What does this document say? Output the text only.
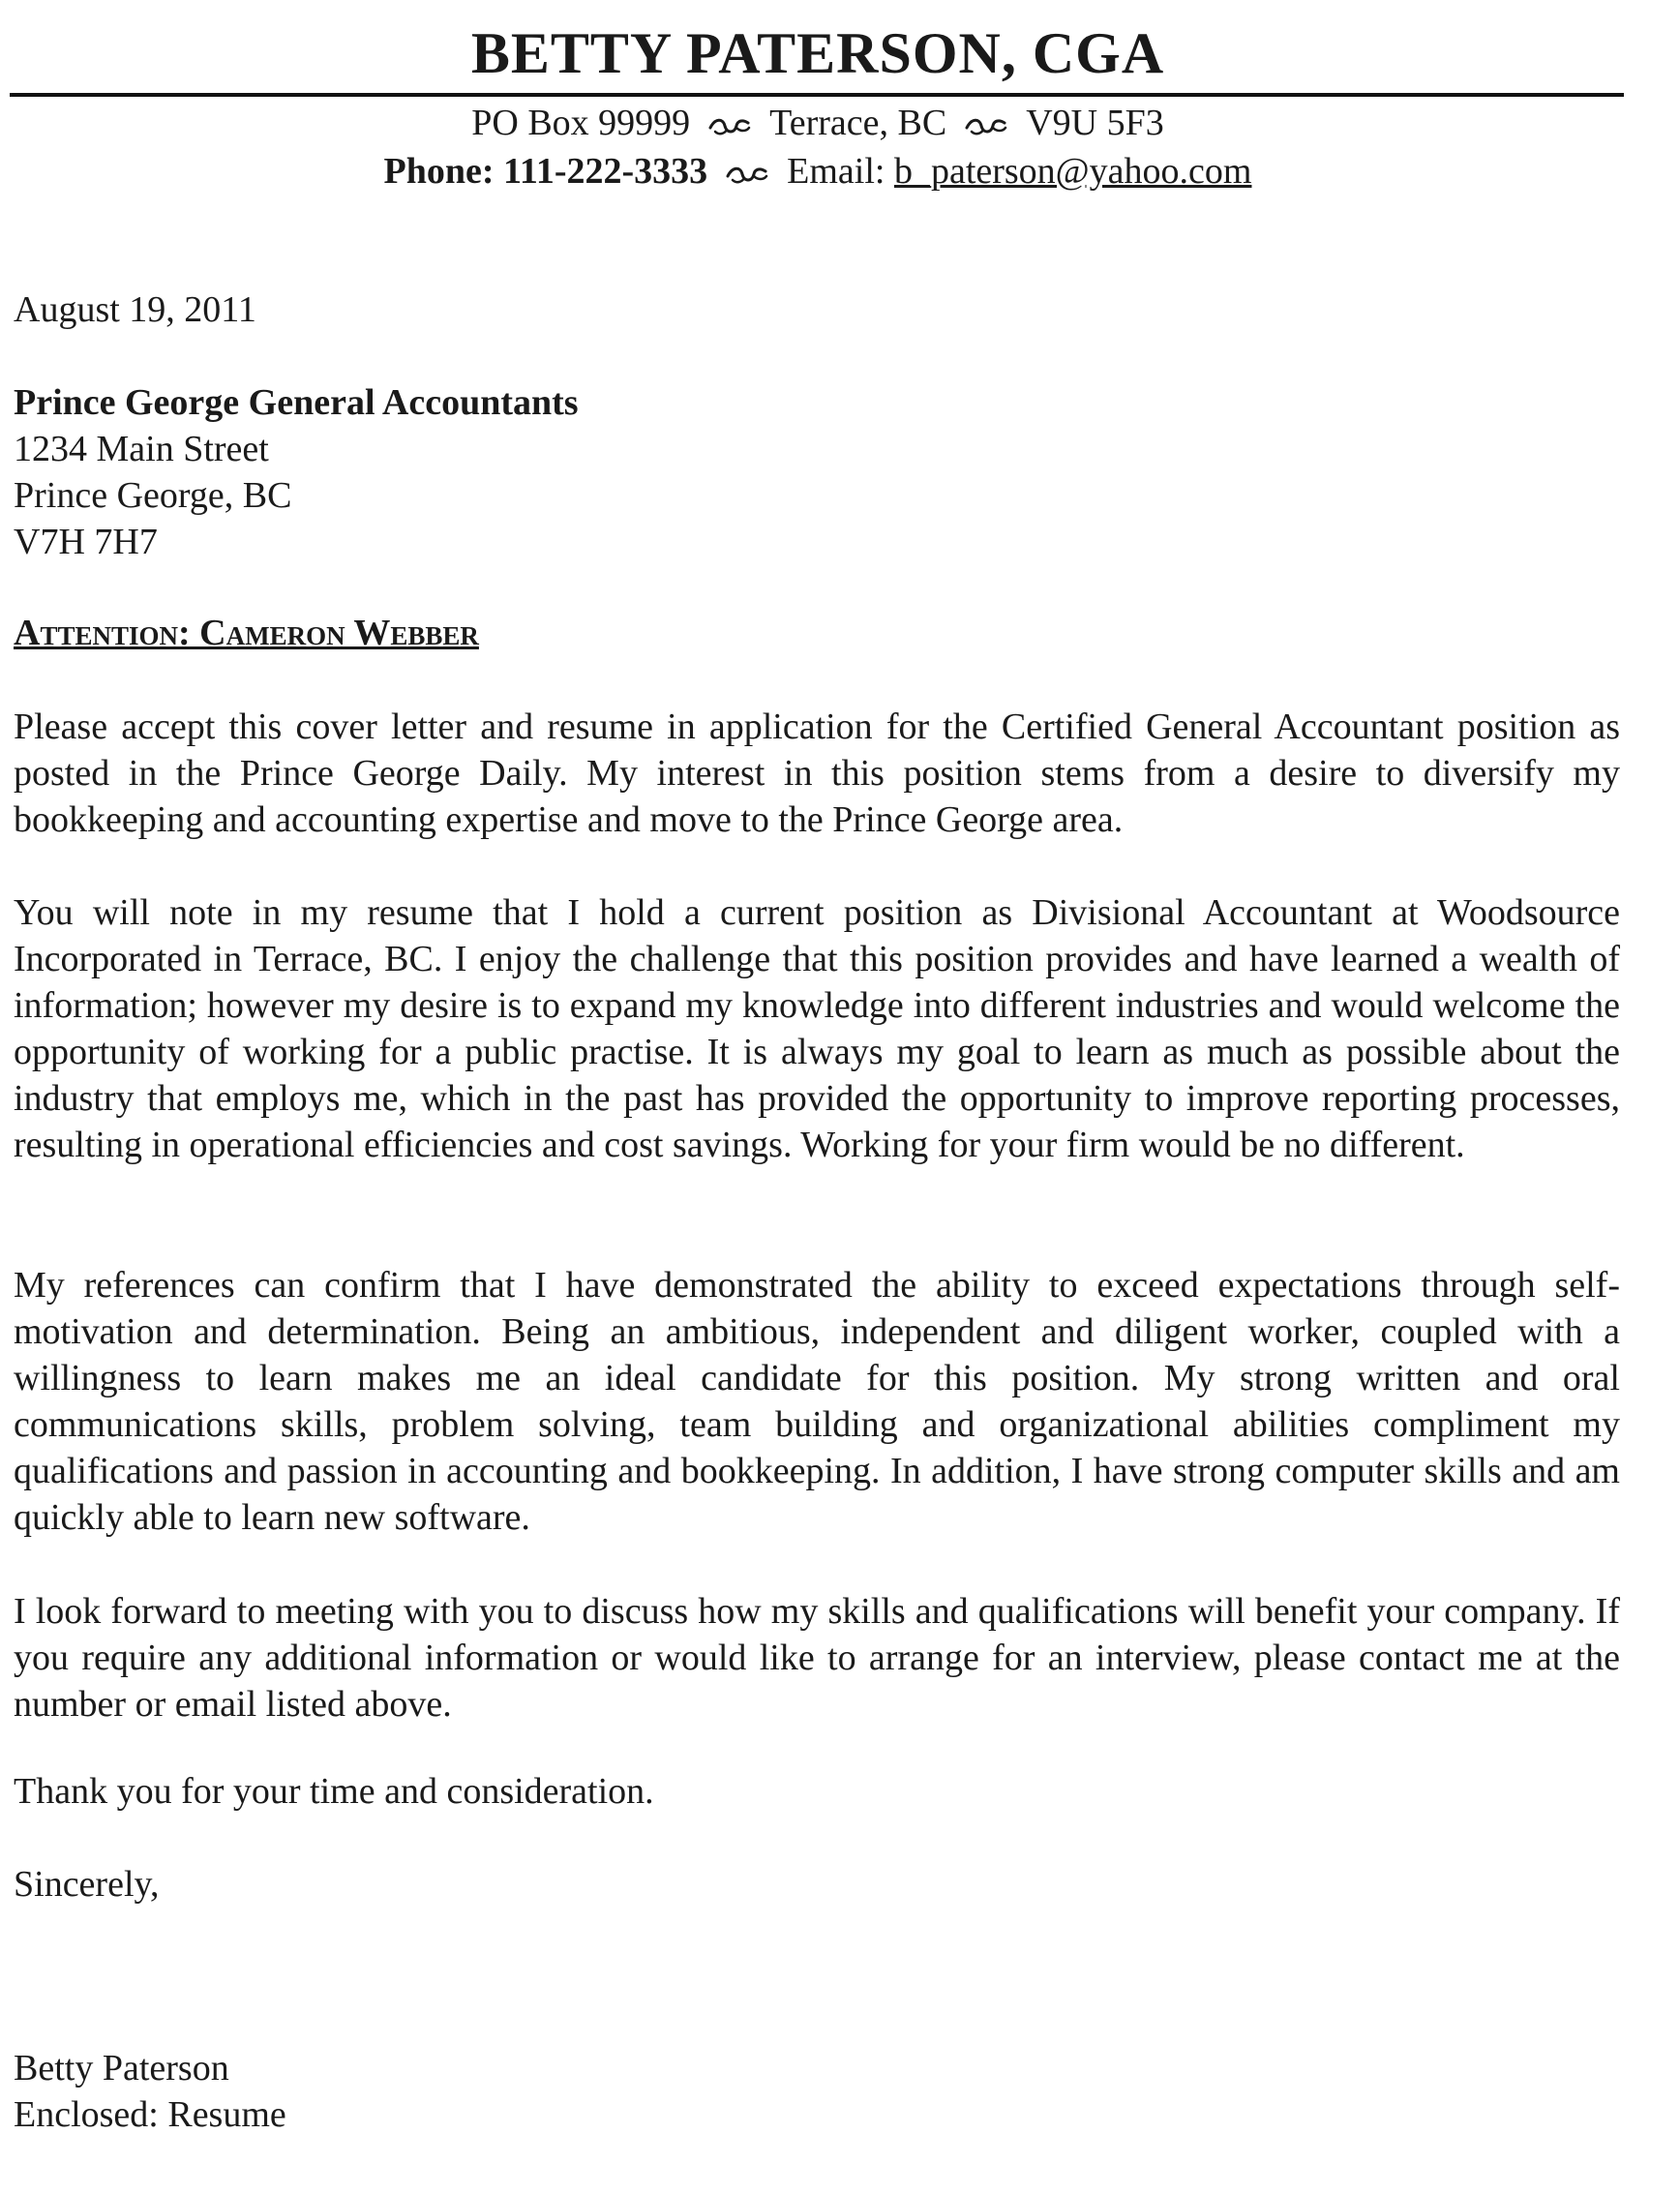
BETTY PATERSON, CGA
PO Box 99999 Terrace, BC V9U 5F3
Phone: 111-222-3333 Email: b_paterson@yahoo.com
August 19, 2011
Prince George General Accountants
1234 Main Street
Prince George, BC
V7H 7H7
Attention: Cameron Webber
Please accept this cover letter and resume in application for the Certified General Accountant position as posted in the Prince George Daily. My interest in this position stems from a desire to diversify my bookkeeping and accounting expertise and move to the Prince George area.
You will note in my resume that I hold a current position as Divisional Accountant at Woodsource Incorporated in Terrace, BC. I enjoy the challenge that this position provides and have learned a wealth of information; however my desire is to expand my knowledge into different industries and would welcome the opportunity of working for a public practise. It is always my goal to learn as much as possible about the industry that employs me, which in the past has provided the opportunity to improve reporting processes, resulting in operational efficiencies and cost savings. Working for your firm would be no different.
My references can confirm that I have demonstrated the ability to exceed expectations through self-motivation and determination. Being an ambitious, independent and diligent worker, coupled with a willingness to learn makes me an ideal candidate for this position. My strong written and oral communications skills, problem solving, team building and organizational abilities compliment my qualifications and passion in accounting and bookkeeping. In addition, I have strong computer skills and am quickly able to learn new software.
I look forward to meeting with you to discuss how my skills and qualifications will benefit your company. If you require any additional information or would like to arrange for an interview, please contact me at the number or email listed above.
Thank you for your time and consideration.
Sincerely,
Betty Paterson
Enclosed: Resume
